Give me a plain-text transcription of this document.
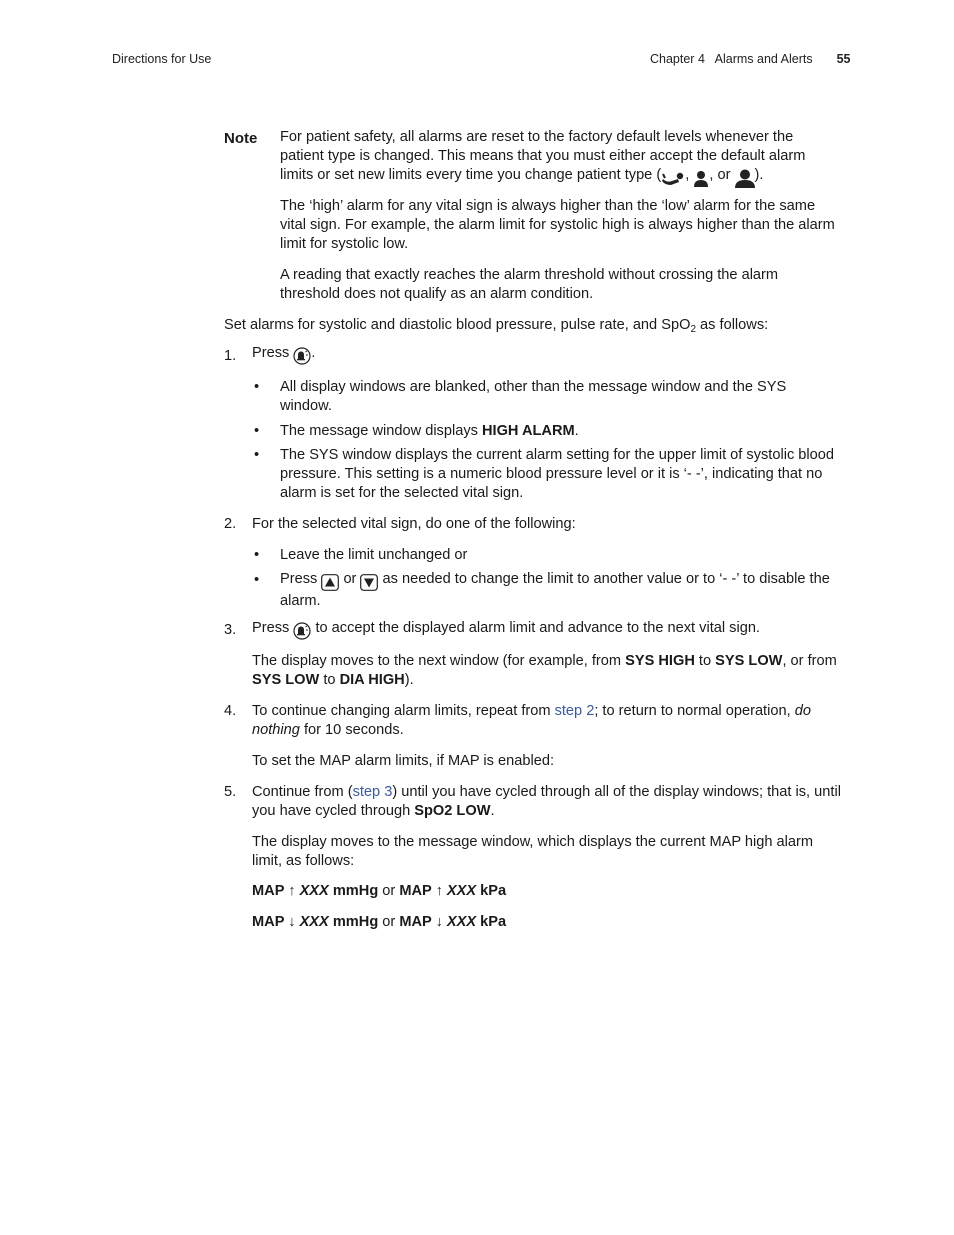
Directions for Use	Chapter 4   Alarms and Alerts 55
Note For patient safety, all alarms are reset to the factory default levels whenever the patient type is changed. This means that you must either accept the default alarm limits or set new limits every time you change patient type ( , , or ).

The ‘high’ alarm for any vital sign is always higher than the ‘low’ alarm for the same vital sign. For example, the alarm limit for systolic high is always higher than the alarm limit for systolic low.
A reading that exactly reaches the alarm threshold without crossing the alarm threshold does not qualify as an alarm condition.
Set alarms for systolic and diastolic blood pressure, pulse rate, and SpO$_2$ as follows:
1. Press .
• All display windows are blanked, other than the message window and the SYS window.
• The message window displays HIGH ALARM.
• The SYS window displays the current alarm setting for the upper limit of systolic blood pressure. This setting is a numeric blood pressure level or it is ‘- -’, indicating that no alarm is set for the selected vital sign.
2. For the selected vital sign, do one of the following:
• Leave the limit unchanged or
• Press or as needed to change the limit to another value or to ‘- -’ to disable the alarm.
3. Press to accept the displayed alarm limit and advance to the next vital sign.
The display moves to the next window (for example, from SYS HIGH to SYS LOW, or from SYS LOW to DIA HIGH).
4. To continue changing alarm limits, repeat from step 2; to return to normal operation, do nothing for 10 seconds.
To set the MAP alarm limits, if MAP is enabled:
5. Continue from (step 3) until you have cycled through all of the display windows; that is, until you have cycled through SpO2 LOW.
The display moves to the message window, which displays the current MAP high alarm limit, as follows:
MAP ↑ XXX mmHg or MAP ↑ XXX kPa
MAP ↓ XXX mmHg or MAP ↓ XXX kPa
